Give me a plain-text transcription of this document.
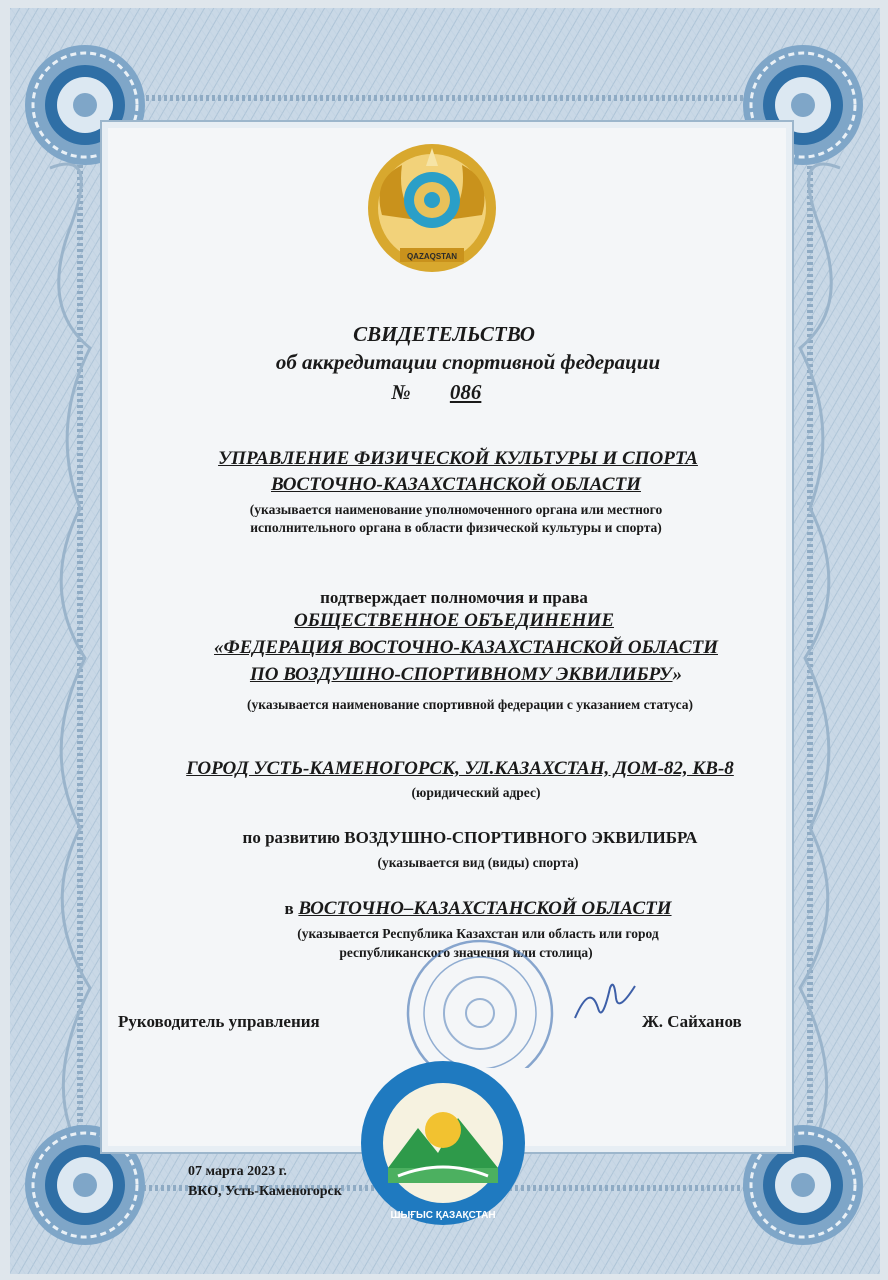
QAZAQSTAN
СВИДЕТЕЛЬСТВО
об аккредитации спортивной федерации
№ 086
УПРАВЛЕНИЕ ФИЗИЧЕСКОЙ КУЛЬТУРЫ И СПОРТА
ВОСТОЧНО-КАЗАХСТАНСКОЙ ОБЛАСТИ
(указывается наименование уполномоченного органа или местного
исполнительного органа в области физической культуры и спорта)
подтверждает полномочия и права
ОБЩЕСТВЕННОЕ ОБЪЕДИНЕНИЕ
«ФЕДЕРАЦИЯ ВОСТОЧНО-КАЗАХСТАНСКОЙ ОБЛАСТИ
ПО ВОЗДУШНО-СПОРТИВНОМУ ЭКВИЛИБРУ»
(указывается наименование спортивной федерации с указанием статуса)
ГОРОД УСТЬ-КАМЕНОГОРСК, УЛ.КАЗАХСТАН, ДОМ-82, КВ-8
(юридический адрес)
по развитию ВОЗДУШНО-СПОРТИВНОГО ЭКВИЛИБРА
(указывается вид (виды) спорта)
в ВОСТОЧНО–КАЗАХСТАНСКОЙ ОБЛАСТИ
(указывается Республика Казахстан или область или город
республиканского значения или столица)
Руководитель управления	Ж. Сайханов
ШЫҒЫС ҚАЗАҚСТАН
07 марта 2023 г.
ВКО, Усть-Каменогорск
